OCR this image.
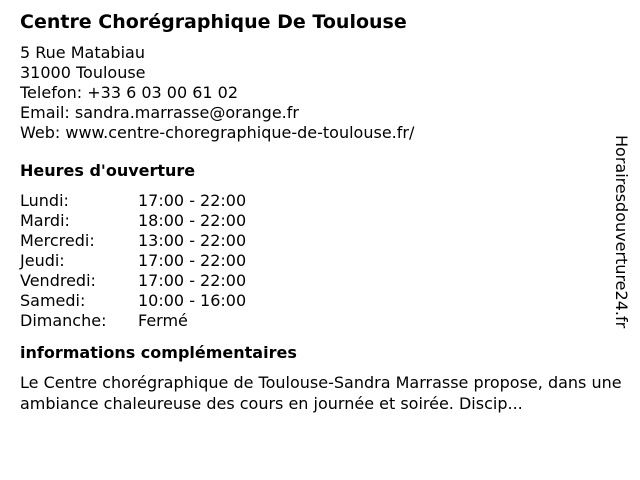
Centre Chorégraphique De Toulouse
5 Rue Matabiau
31000 Toulouse
Telefon: +33 6 03 00 61 02
Email: sandra.marrasse@orange.fr
Web: www.centre-choregraphique-de-toulouse.fr/
Heures d'ouverture
Lundi:	17:00 - 22:00
Mardi:	18:00 - 22:00
Mercredi:	13:00 - 22:00
Jeudi:	17:00 - 22:00
Vendredi:	17:00 - 22:00
Samedi:	10:00 - 16:00
Dimanche:	Fermé
informations complémentaires
Le Centre chorégraphique de Toulouse-Sandra Marrasse propose, dans une ambiance chaleureuse des cours en journée et soirée. Discip...
Horairesdouverture24.fr
